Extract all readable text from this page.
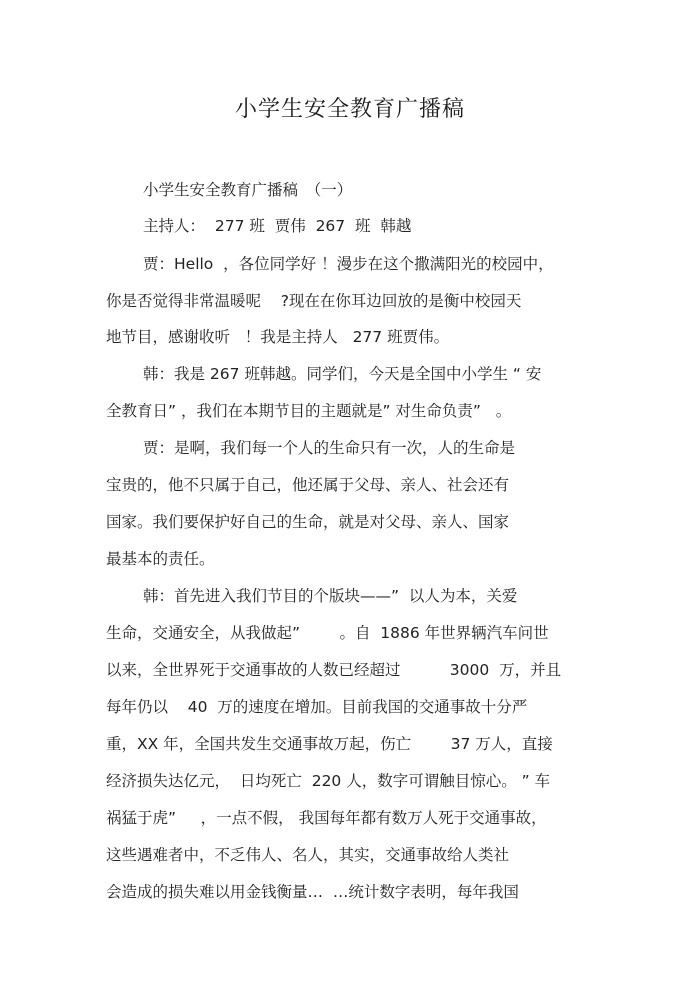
小学生安全教育广播稿
小学生安全教育广播稿　（一）
主持人：  277 班  贾伟  267  班  韩越
贾：Hello  ，各位同学好 ！漫步在这个撒满阳光的校园中，
你是否觉得非常温暖呢    ?现在在你耳边回放的是衡中校园天
地节目，感谢收听   ！我是主持人   277 班贾伟。
韩：我是 267 班韩越。同学们，今天是全国中小学生 “ 安
全教育日” ，我们在本期节目的主题就是” 对生命负责”   。
贾：是啊，我们每一个人的生命只有一次，人的生命是
宝贵的，他不只属于自己，他还属于父母、亲人、社会还有
国家。我们要保护好自己的生命，就是对父母、亲人、国家
最基本的责任。
韩：首先进入我们节目的个版块——”  以人为本，关爱
生命，交通安全，从我做起”        。自  1886 年世界辆汽车问世
以来，全世界死于交通事故的人数已经超过          3000  万，并且
每年仍以    40  万的速度在增加。目前我国的交通事故十分严
重，XX 年，全国共发生交通事故万起，伤亡        37 万人，直接
经济损失达亿元，  日均死亡  220 人，数字可谓触目惊心。 ” 车
祸猛于虎”     ，一点不假， 我国每年都有数万人死于交通事故，
这些遇难者中，不乏伟人、名人，其实，交通事故给人类社
会造成的损失难以用金钱衡量…  …统计数字表明，每年我国
